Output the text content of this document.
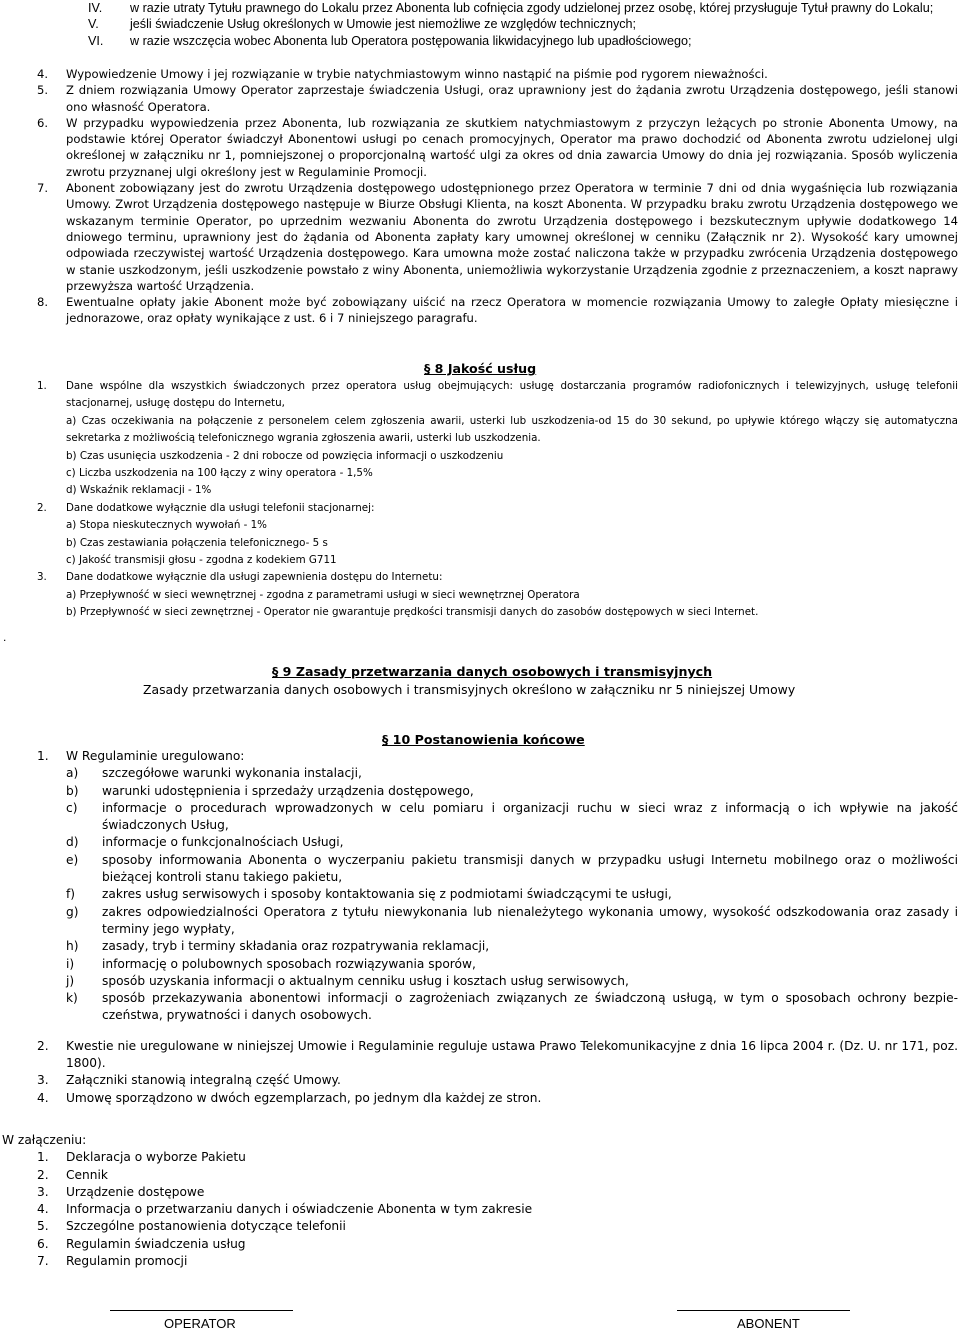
IV.	w razie utraty Tytułu prawnego do Lokalu przez Abonenta lub cofnięcia zgody udzielonej przez osobę, której przysługuje Tytuł prawny do Lokalu;
V.	jeśli świadczenie Usług określonych w Umowie jest niemożliwe ze względów technicznych;
VI.	w razie wszczęcia wobec Abonenta lub Operatora postępowania likwidacyjnego lub upadłościowego;
4.	Wypowiedzenie Umowy i jej rozwiązanie w trybie natychmiastowym winno nastąpić na piśmie pod rygorem nieważności.
5.	Z dniem rozwiązania Umowy Operator zaprzestaje świadczenia Usługi, oraz uprawniony jest do żądania zwrotu Urządzenia dostępowego, jeśli stanowi ono własność Operatora.
6.	W przypadku wypowiedzenia przez Abonenta, lub rozwiązania ze skutkiem natychmiastowym z przyczyn leżących po stronie Abonenta Umowy, na podstawie której Operator świadczył Abonentowi usługi po cenach promocyjnych, Operator ma prawo dochodzić od Abonenta zwrotu udzielonej ulgi określonej w załączniku nr 1, pomniejszonej o proporcjonalną wartość ulgi za okres od dnia zawarcia Umowy do dnia jej rozwiązania. Sposób wyliczenia zwrotu przyznanej ulgi określony jest w Regulaminie Promocji.
7.	Abonent zobowiązany jest do zwrotu Urządzenia dostępowego udostępnionego przez Operatora w terminie 7 dni od dnia wygaśnięcia lub rozwiązania Umowy. Zwrot Urządzenia dostępowego następuje w Biurze Obsługi Klienta, na koszt Abonenta. W przypadku braku zwrotu Urządzenia dostępowego we wskazanym terminie Operator, po uprzednim wezwaniu Abonenta do zwrotu Urządzenia dostępowego i bezskutecznym upływie dodatkowego 14 dniowego terminu, uprawniony jest do żądania od Abonenta zapłaty kary umownej określonej w cenniku (Załącznik nr 2). Wysokość kary umownej odpowiada rzeczywistej wartość Urządzenia dostępowego. Kara umowna może zostać naliczona także w przypadku zwrócenia Urządzenia dostępowego w stanie uszkodzonym, jeśli uszkodzenie powstało z winy Abonenta, uniemożliwia wykorzystanie Urządzenia zgodnie z przeznaczeniem, a koszt naprawy przewyższa wartość Urządzenia.
8.	Ewentualne opłaty jakie Abonent może być zobowiązany uiścić na rzecz Operatora w momencie rozwiązania Umowy to zaległe Opłaty miesięczne i jednorazowe, oraz opłaty wynikające z ust. 6 i 7 niniejszego paragrafu.
§ 8 Jakość usług
1.	Dane wspólne dla wszystkich świadczonych przez operatora usług obejmujących: usługę dostarczania programów radiofonicznych i telewizyjnych, usługę telefonii stacjonarnej, usługę dostępu do Internetu,
a) Czas oczekiwania na połączenie z personelem celem zgłoszenia awarii, usterki lub uszkodzenia-od 15 do 30 sekund, po upływie którego włączy się automatyczna sekretarka z możliwością telefonicznego wgrania zgłoszenia awarii, usterki lub uszkodzenia.
b) Czas usunięcia uszkodzenia - 2 dni robocze od powzięcia informacji o uszkodzeniu
c) Liczba uszkodzenia na 100 łączy z winy operatora - 1,5%
d) Wskaźnik reklamacji - 1%
2.	Dane dodatkowe wyłącznie dla usługi telefonii stacjonarnej:
a) Stopa nieskutecznych wywołań - 1%
b) Czas zestawiania połączenia telefonicznego- 5 s
c) Jakość transmisji głosu - zgodna z kodekiem G711
3.	Dane dodatkowe wyłącznie dla usługi zapewnienia dostępu do Internetu:
a) Przepływność w sieci wewnętrznej - zgodna z parametrami usługi w sieci wewnętrznej Operatora
b) Przepływność w sieci zewnętrznej - Operator nie gwarantuje prędkości transmisji danych do zasobów dostępowych w sieci Internet.
.
§ 9 Zasady przetwarzania danych osobowych i transmisyjnych
Zasady przetwarzania danych osobowych i transmisyjnych określono w załączniku nr 5 niniejszej Umowy
§ 10 Postanowienia końcowe
1.	W Regulaminie uregulowano:
a)	szczegółowe warunki wykonania instalacji,
b)	warunki udostępnienia i sprzedaży urządzenia dostępowego,
c)	informacje o procedurach wprowadzonych w celu pomiaru i organizacji ruchu w sieci wraz z informacją o ich wpływie na jakość świadczonych Usług,
d)	informacje o funkcjonalnościach Usługi,
e)	sposoby informowania Abonenta o wyczerpaniu pakietu transmisji danych w przypadku usługi Internetu mobilnego oraz o możliwości bieżącej kontroli stanu takiego pakietu,
f)	zakres usług serwisowych i sposoby kontaktowania się z podmiotami świadczącymi te usługi,
g)	zakres odpowiedzialności Operatora z tytułu niewykonania lub nienależytego wykonania umowy, wysokość odszkodowania oraz zasady i terminy jego wypłaty,
h)	zasady, tryb i terminy składania oraz rozpatrywania reklamacji,
i)	informację o polubownych sposobach rozwiązywania sporów,
j)	sposób uzyskania informacji o aktualnym cenniku usług i kosztach usług serwisowych,
k)	sposób przekazywania abonentowi informacji o zagrożeniach związanych ze świadczoną usługą, w tym o sposobach ochrony bezpieczeństwa, prywatności i danych osobowych.
2.	Kwestie nie uregulowane w niniejszej Umowie i Regulaminie reguluje ustawa Prawo Telekomunikacyjne z dnia 16 lipca 2004 r. (Dz. U. nr 171, poz. 1800).
3.	Załączniki stanowią integralną część Umowy.
4.	Umowę sporządzono w dwóch egzemplarzach, po jednym dla każdej ze stron.
W załączeniu:
1.	Deklaracja o wyborze Pakietu
2.	Cennik
3.	Urządzenie dostępowe
4.	Informacja o przetwarzaniu danych i oświadczenie Abonenta w tym zakresie
5.	Szczególne postanowienia dotyczące telefonii
6.	Regulamin świadczenia usług
7.	Regulamin promocji
OPERATOR	ABONENT
